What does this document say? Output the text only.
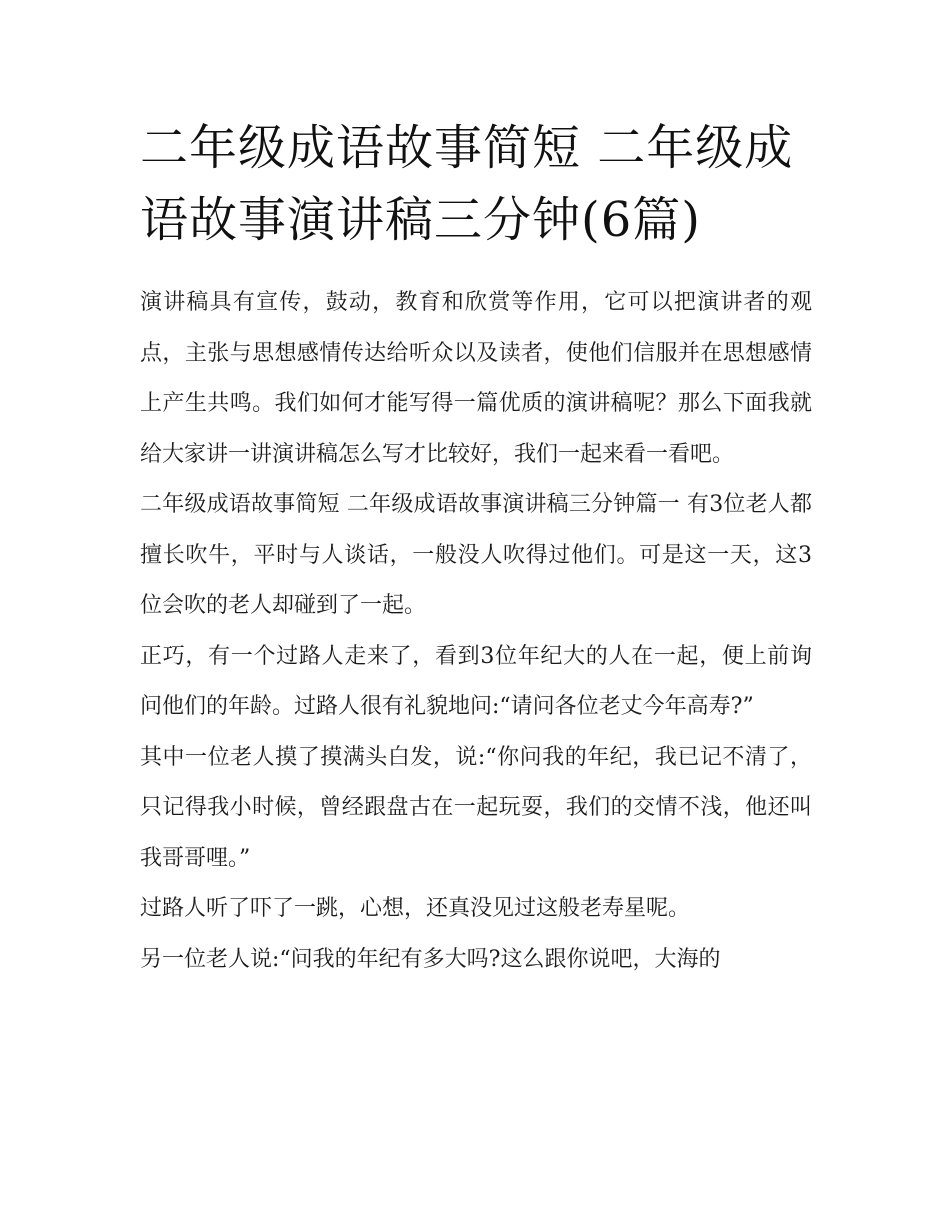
二年级成语故事简短 二年级成语故事演讲稿三分钟(6篇)

演讲稿具有宣传，鼓动，教育和欣赏等作用，它可以把演讲者的观点，主张与思想感情传达给听众以及读者，使他们信服并在思想感情上产生共鸣。我们如何才能写得一篇优质的演讲稿呢？那么下面我就给大家讲一讲演讲稿怎么写才比较好，我们一起来看一看吧。

二年级成语故事简短 二年级成语故事演讲稿三分钟篇一 有3位老人都擅长吹牛，平时与人谈话，一般没人吹得过他们。可是这一天，这3位会吹的老人却碰到了一起。

正巧，有一个过路人走来了，看到3位年纪大的人在一起，便上前询问他们的年龄。过路人很有礼貌地问:“请问各位老丈今年高寿?”

其中一位老人摸了摸满头白发，说:“你问我的年纪，我已记不清了，只记得我小时候，曾经跟盘古在一起玩耍，我们的交情不浅，他还叫我哥哥哩。”

过路人听了吓了一跳，心想，还真没见过这般老寿星呢。

另一位老人说:“问我的年纪有多大吗?这么跟你说吧，大海的
